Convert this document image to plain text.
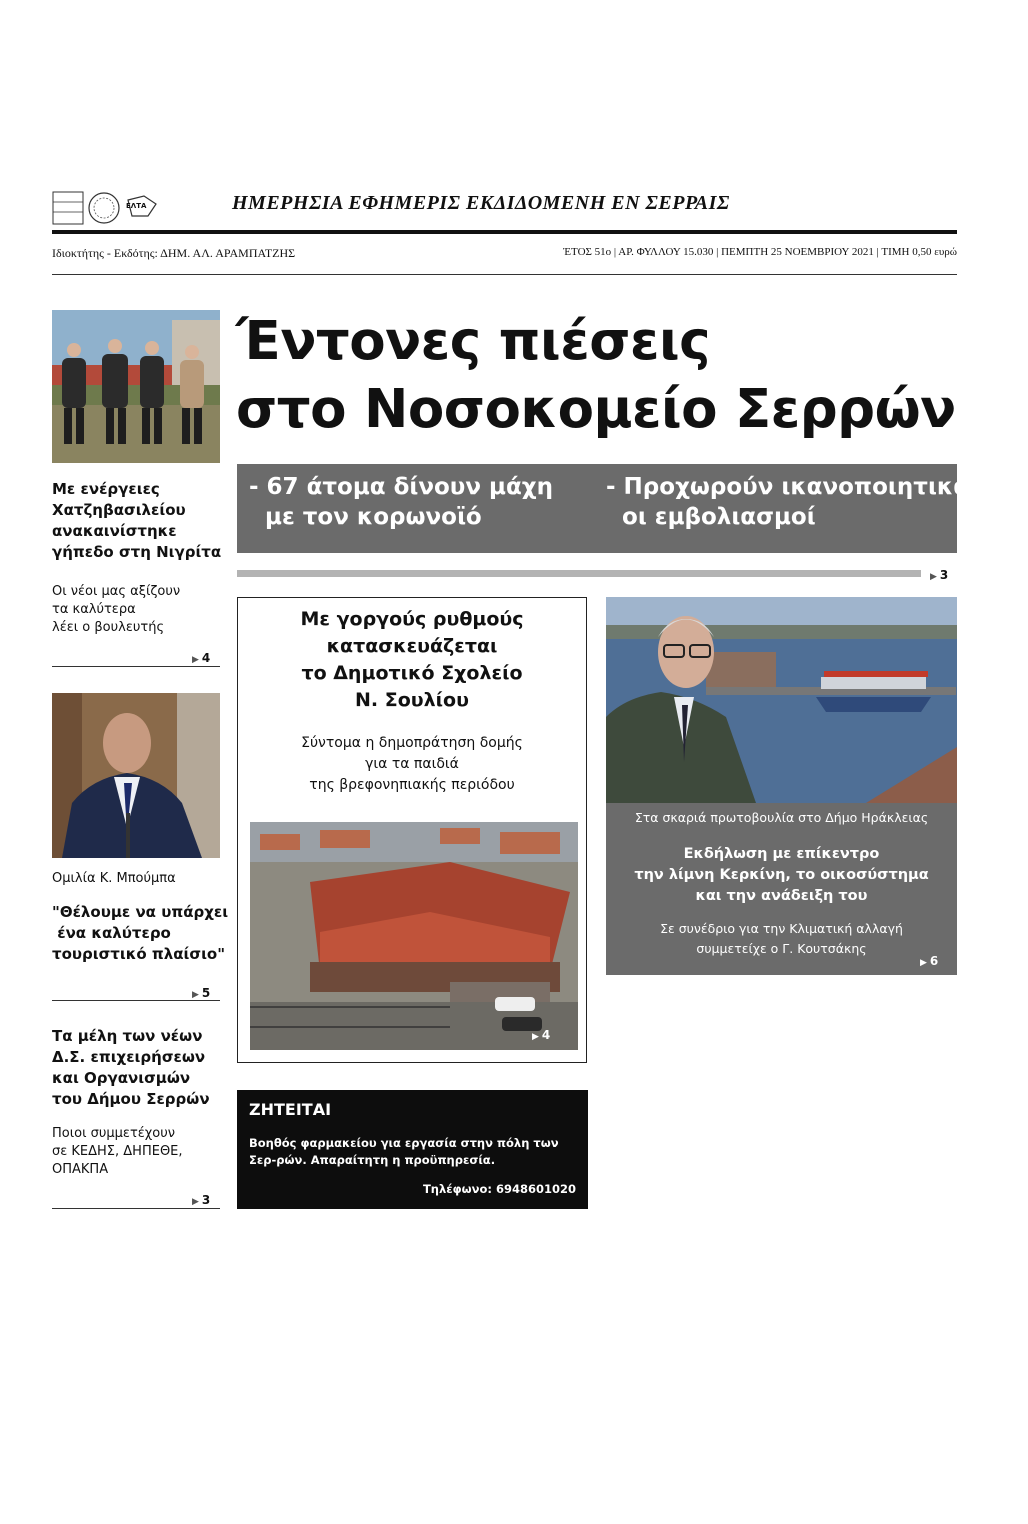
ΕΛΤΑ	ΗΜΕΡΗΣΙΑ ΕΦΗΜΕΡΙΣ ΕΚΔΙΔΟΜΕΝΗ ΕΝ ΣΕΡΡΑΙΣ
Ιδιοκτήτης - Εκδότης: ΔΗΜ. ΑΛ. ΑΡΑΜΠΑΤΖΗΣ	ΈΤΟΣ 51ο | ΑΡ. ΦΥΛΛΟΥ 15.030 | ΠΕΜΠΤΗ 25 ΝΟΕΜΒΡΙΟΥ 2021 | ΤΙΜΗ 0,50 ευρώ
Με ενέργειες Χατζηβασιλείου ανακαινίστηκε γήπεδο στη Νιγρίτα
Οι νέοι μας αξίζουν
τα καλύτερα
λέει ο βουλευτής
▶ 4
Ομιλία Κ. Μπούμπα
"Θέλουμε να υπάρχει
ένα καλύτερο
τουριστικό πλαίσιο"
▶ 5
Τα μέλη των νέων Δ.Σ. επιχειρήσεων και Οργανισμών του Δήμου Σερρών
Ποιοι συμμετέχουν
σε ΚΕΔΗΣ, ΔΗΠΕΘΕ,
ΟΠΑΚΠΑ
▶ 3
Έντονες πιέσεις
στο Νοσοκομείο Σερρών
- 67 άτομα δίνουν μάχη
με τον κορωνοϊό
- Προχωρούν ικανοποιητικά
οι εμβολιασμοί
▶ 3
Με γοργούς ρυθμούς
κατασκευάζεται
το Δημοτικό Σχολείο
Ν. Σουλίου
Σύντομα η δημοπράτηση δομής
για τα παιδιά
της βρεφονηπιακής περιόδου
▶ 4
Στα σκαριά πρωτοβουλία στο Δήμο Ηράκλειας
Εκδήλωση με επίκεντρο
την λίμνη Κερκίνη, το οικοσύστημα
και την ανάδειξη του
Σε συνέδριο για την Κλιματική αλλαγή
συμμετείχε ο Γ. Κουτσάκης
▶ 6
ΖΗΤΕΙΤΑΙ
Βοηθός φαρμακείου για εργασία στην πόλη των Σερ-ρών. Απαραίτητη η προϋπηρεσία.
Τηλέφωνο: 6948601020
